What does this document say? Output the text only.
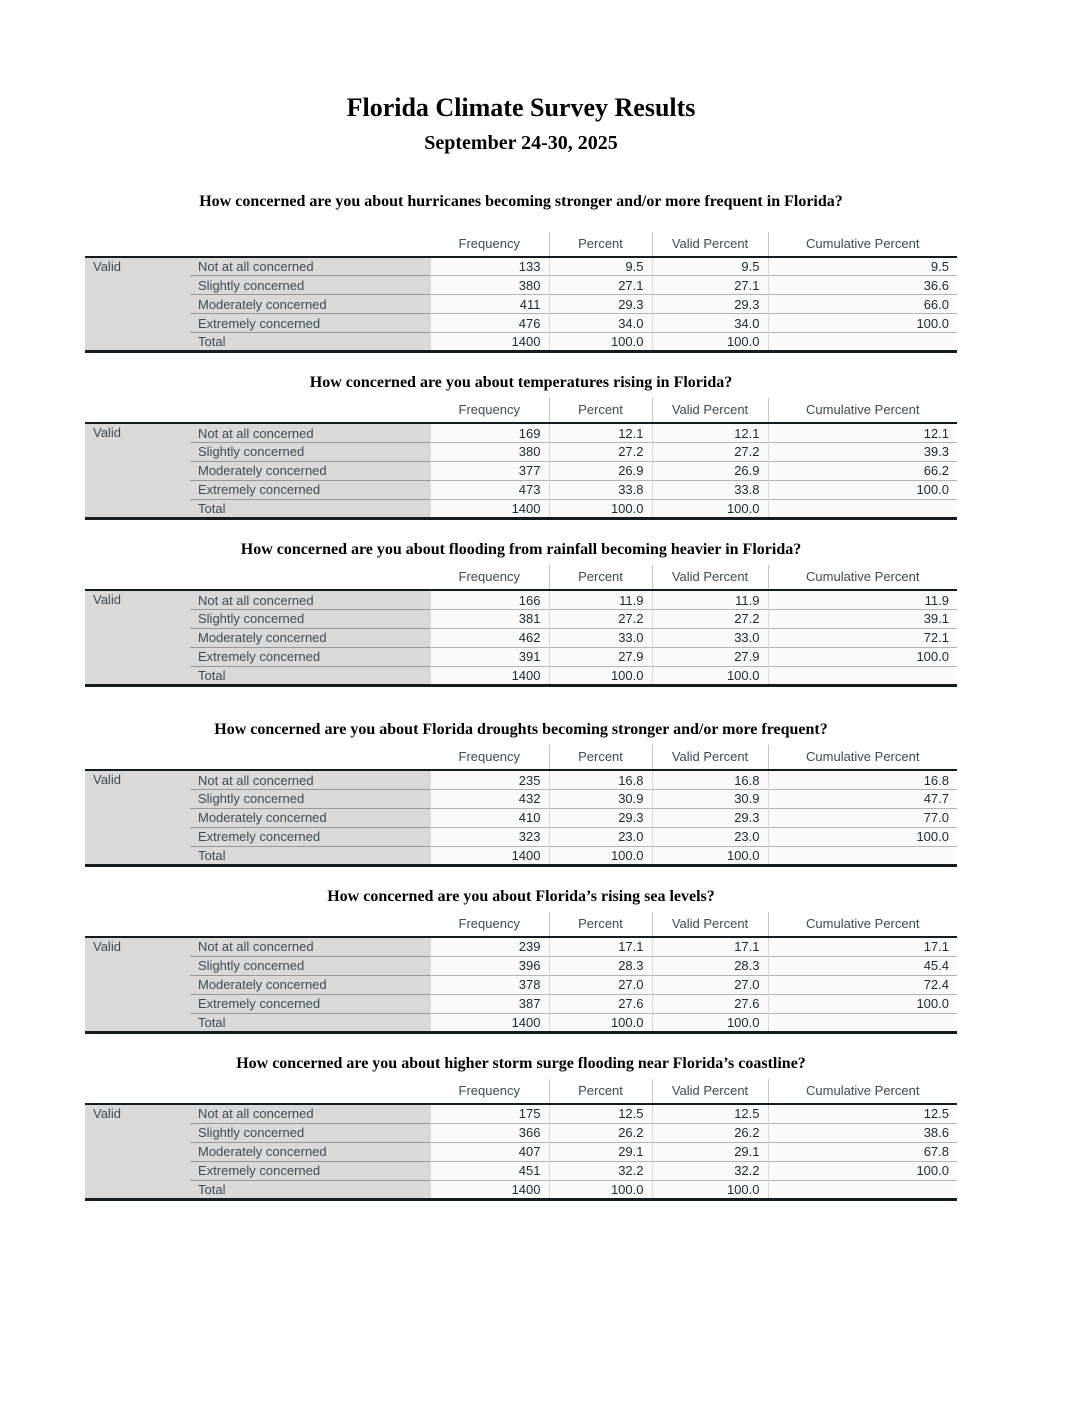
Florida Climate Survey Results
September 24-30, 2025
How concerned are you about hurricanes becoming stronger and/or more frequent in Florida?
		Frequency	Percent	Valid Percent	Cumulative Percent
Valid	Not at all concerned	133	9.5	9.5	9.5
	Slightly concerned	380	27.1	27.1	36.6
	Moderately concerned	411	29.3	29.3	66.0
	Extremely concerned	476	34.0	34.0	100.0
	Total	1400	100.0	100.0	
How concerned are you about temperatures rising in Florida?
		Frequency	Percent	Valid Percent	Cumulative Percent
Valid	Not at all concerned	169	12.1	12.1	12.1
	Slightly concerned	380	27.2	27.2	39.3
	Moderately concerned	377	26.9	26.9	66.2
	Extremely concerned	473	33.8	33.8	100.0
	Total	1400	100.0	100.0	
How concerned are you about flooding from rainfall becoming heavier in Florida?
		Frequency	Percent	Valid Percent	Cumulative Percent
Valid	Not at all concerned	166	11.9	11.9	11.9
	Slightly concerned	381	27.2	27.2	39.1
	Moderately concerned	462	33.0	33.0	72.1
	Extremely concerned	391	27.9	27.9	100.0
	Total	1400	100.0	100.0	
How concerned are you about Florida droughts becoming stronger and/or more frequent?
		Frequency	Percent	Valid Percent	Cumulative Percent
Valid	Not at all concerned	235	16.8	16.8	16.8
	Slightly concerned	432	30.9	30.9	47.7
	Moderately concerned	410	29.3	29.3	77.0
	Extremely concerned	323	23.0	23.0	100.0
	Total	1400	100.0	100.0	
How concerned are you about Florida’s rising sea levels?
		Frequency	Percent	Valid Percent	Cumulative Percent
Valid	Not at all concerned	239	17.1	17.1	17.1
	Slightly concerned	396	28.3	28.3	45.4
	Moderately concerned	378	27.0	27.0	72.4
	Extremely concerned	387	27.6	27.6	100.0
	Total	1400	100.0	100.0	
How concerned are you about higher storm surge flooding near Florida’s coastline?
		Frequency	Percent	Valid Percent	Cumulative Percent
Valid	Not at all concerned	175	12.5	12.5	12.5
	Slightly concerned	366	26.2	26.2	38.6
	Moderately concerned	407	29.1	29.1	67.8
	Extremely concerned	451	32.2	32.2	100.0
	Total	1400	100.0	100.0	
